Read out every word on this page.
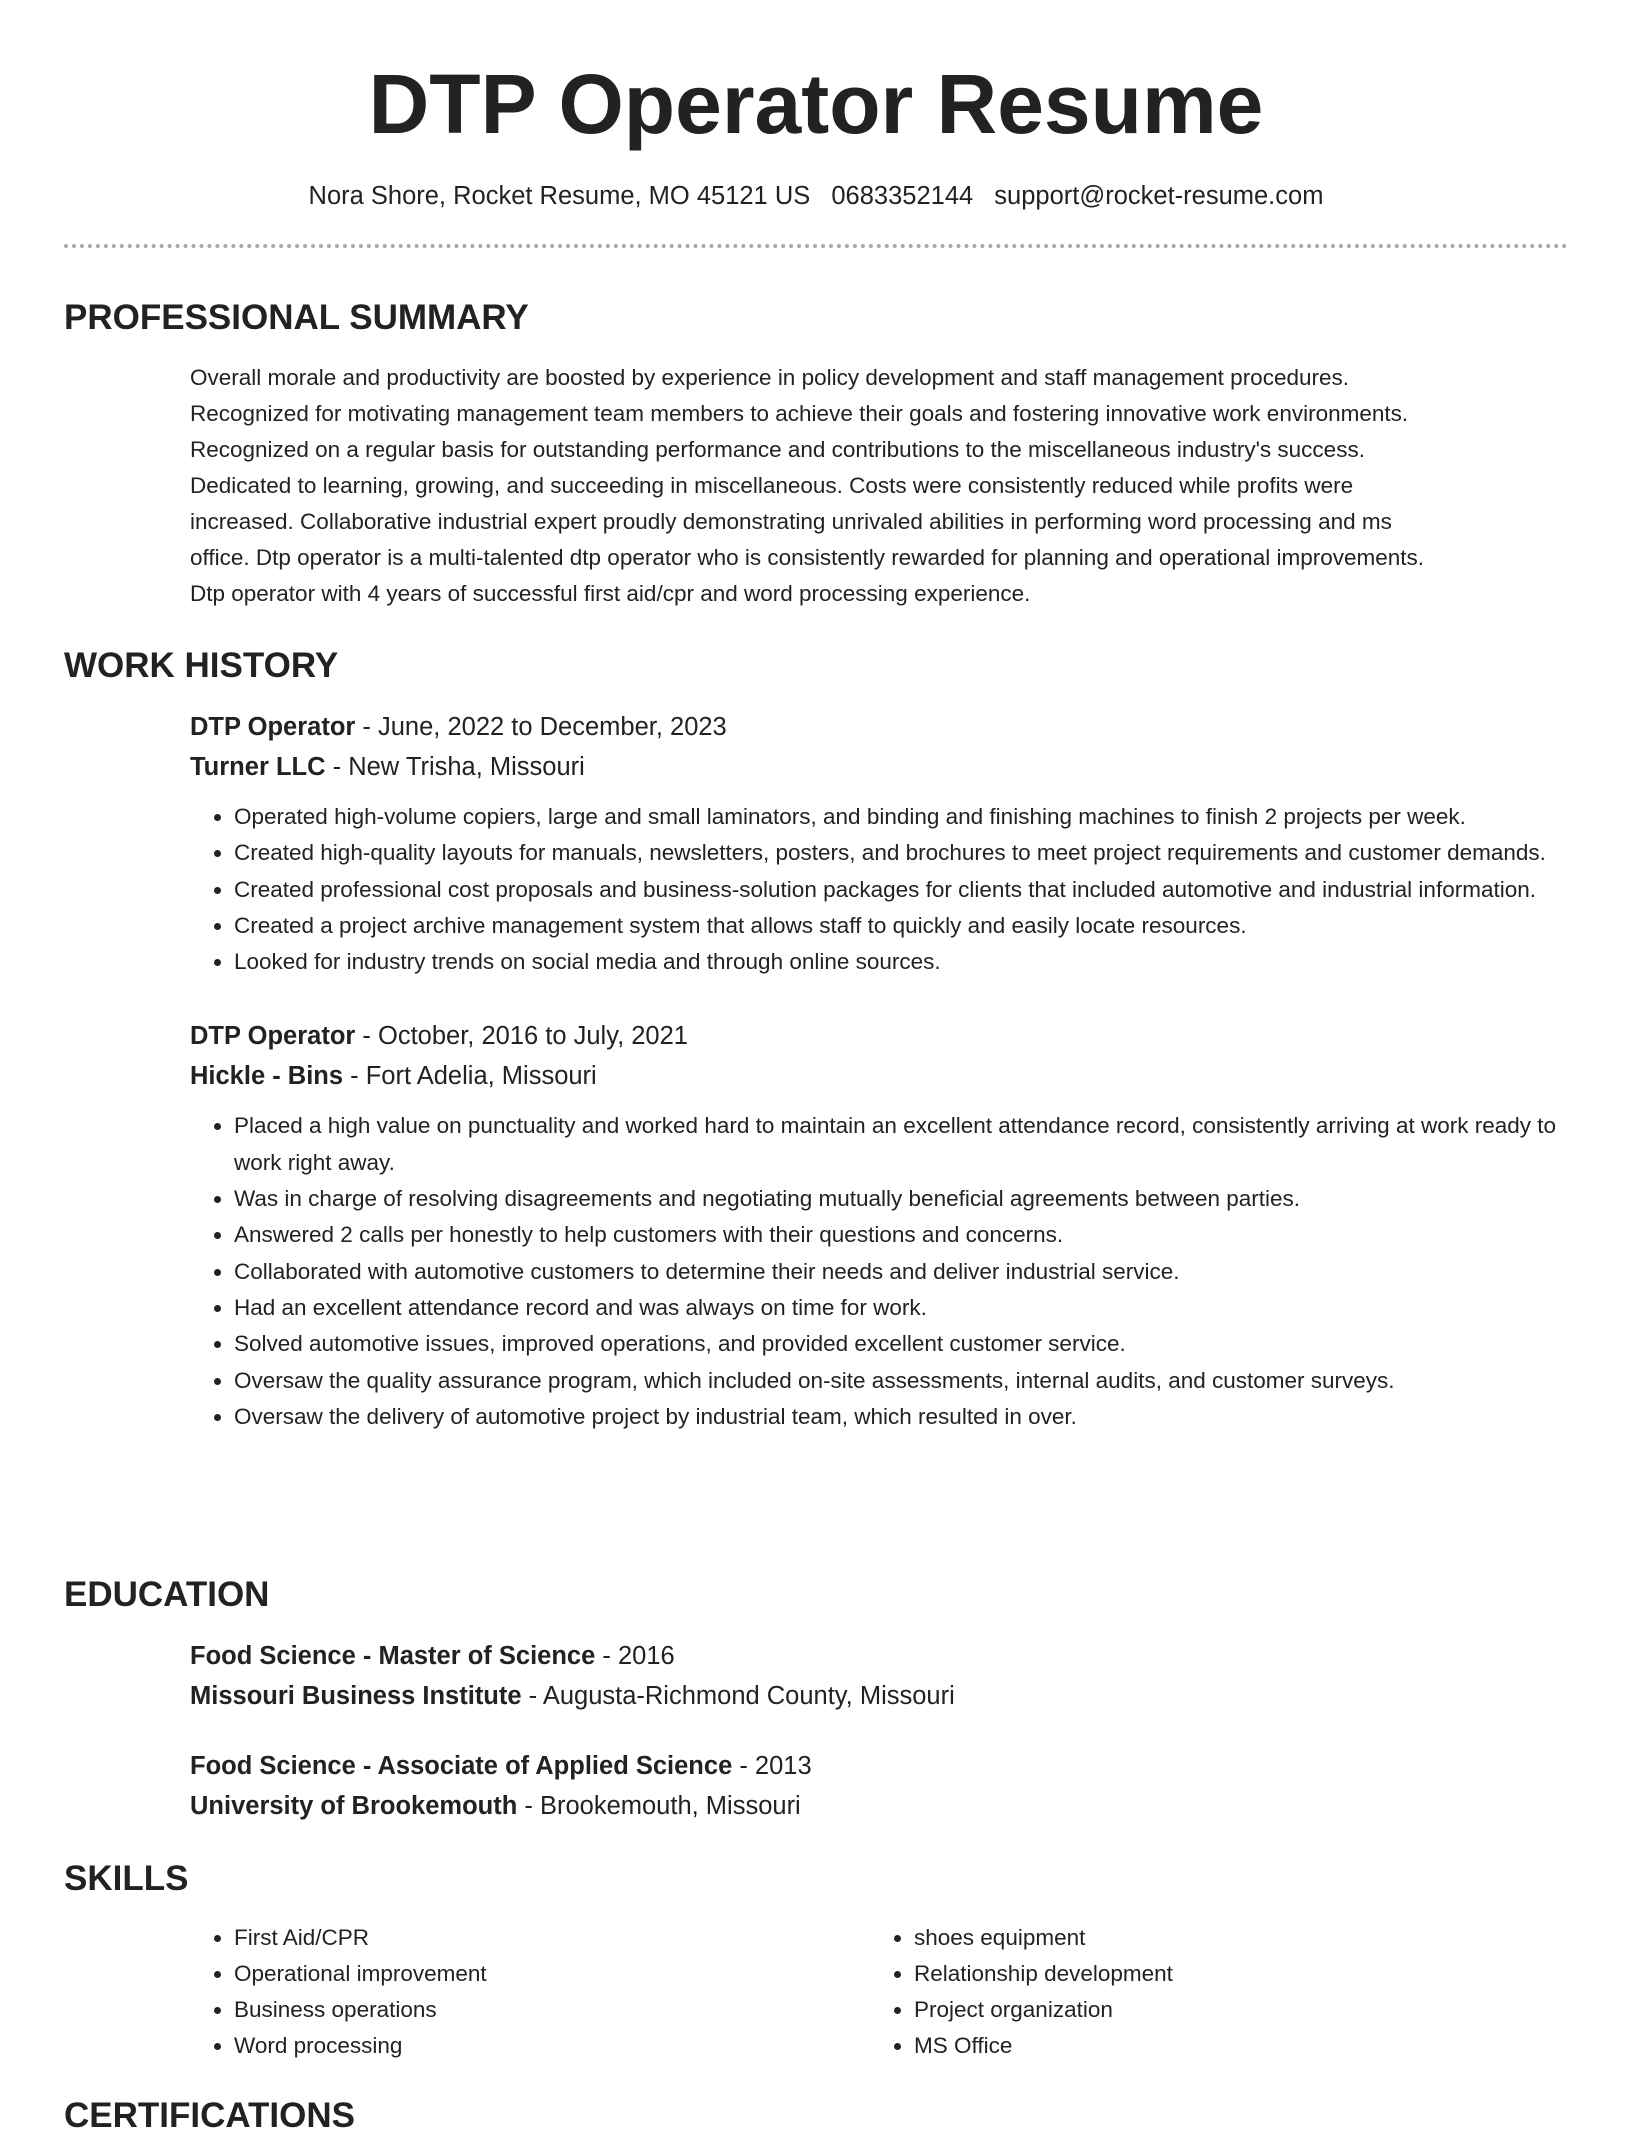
DTP Operator Resume
Nora Shore, Rocket Resume, MO 45121 US 0683352144 support@rocket-resume.com
PROFESSIONAL SUMMARY
Overall morale and productivity are boosted by experience in policy development and staff management procedures.
Recognized for motivating management team members to achieve their goals and fostering innovative work environments.
Recognized on a regular basis for outstanding performance and contributions to the miscellaneous industry's success.
Dedicated to learning, growing, and succeeding in miscellaneous. Costs were consistently reduced while profits were
increased. Collaborative industrial expert proudly demonstrating unrivaled abilities in performing word processing and ms
office. Dtp operator is a multi-talented dtp operator who is consistently rewarded for planning and operational improvements.
Dtp operator with 4 years of successful first aid/cpr and word processing experience.
WORK HISTORY
DTP Operator - June, 2022 to December, 2023
Turner LLC - New Trisha, Missouri
• Operated high-volume copiers, large and small laminators, and binding and finishing machines to finish 2 projects per week.
• Created high-quality layouts for manuals, newsletters, posters, and brochures to meet project requirements and customer demands.
• Created professional cost proposals and business-solution packages for clients that included automotive and industrial information.
• Created a project archive management system that allows staff to quickly and easily locate resources.
• Looked for industry trends on social media and through online sources.
DTP Operator - October, 2016 to July, 2021
Hickle - Bins - Fort Adelia, Missouri
• Placed a high value on punctuality and worked hard to maintain an excellent attendance record, consistently arriving at work ready to work right away.
• Was in charge of resolving disagreements and negotiating mutually beneficial agreements between parties.
• Answered 2 calls per honestly to help customers with their questions and concerns.
• Collaborated with automotive customers to determine their needs and deliver industrial service.
• Had an excellent attendance record and was always on time for work.
• Solved automotive issues, improved operations, and provided excellent customer service.
• Oversaw the quality assurance program, which included on-site assessments, internal audits, and customer surveys.
• Oversaw the delivery of automotive project by industrial team, which resulted in over.
EDUCATION
Food Science - Master of Science - 2016
Missouri Business Institute - Augusta-Richmond County, Missouri
Food Science - Associate of Applied Science - 2013
University of Brookemouth - Brookemouth, Missouri
SKILLS
• First Aid/CPR
• Operational improvement
• Business operations
• Word processing
• shoes equipment
• Relationship development
• Project organization
• MS Office
CERTIFICATIONS
